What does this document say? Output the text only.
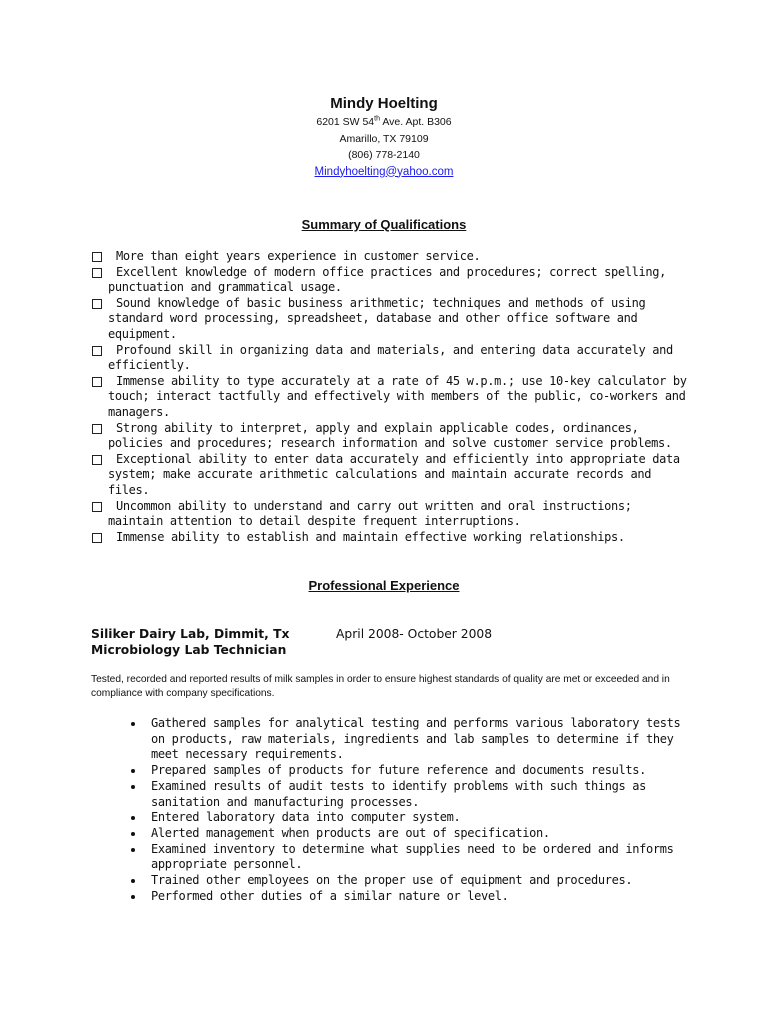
Mindy Hoelting

6201 SW 54th Ave. Apt. B306

Amarillo, TX 79109

(806) 778-2140

Mindyhoelting@yahoo.com

Summary of Qualifications
More than eight years experience in customer service.
Excellent knowledge of modern office practices and procedures; correct spelling, punctuation and grammatical usage.
Sound knowledge of basic business arithmetic; techniques and methods of using standard word processing, spreadsheet, database and other office software and equipment.
Profound skill in organizing data and materials, and entering data accurately and efficiently.
Immense ability to type accurately at a rate of 45 w.p.m.; use 10-key calculator by touch; interact tactfully and effectively with members of the public, co-workers and managers.
Strong ability to interpret, apply and explain applicable codes, ordinances, policies and procedures; research information and solve customer service problems.
Exceptional ability to enter data accurately and efficiently into appropriate data system; make accurate arithmetic calculations and maintain accurate records and files.
Uncommon ability to understand and carry out written and oral instructions; maintain attention to detail despite frequent interruptions.
Immense ability to establish and maintain effective working relationships.
Professional Experience
Siliker Dairy Lab, Dimmit, Tx
Microbiology Lab Technician
April 2008- October 2008

Tested, recorded and reported results of milk samples in order to ensure highest standards of quality are met or exceeded and in compliance with company specifications.

Gathered samples for analytical testing and performs various laboratory tests on products, raw materials, ingredients and lab samples to determine if they meet necessary requirements.
Prepared samples of products for future reference and documents results.
Examined results of audit tests to identify problems with such things as sanitation and manufacturing processes.
Entered laboratory data into computer system.
Alerted management when products are out of specification.
Examined inventory to determine what supplies need to be ordered and informs appropriate personnel.
Trained other employees on the proper use of equipment and procedures.
Performed other duties of a similar nature or level.
